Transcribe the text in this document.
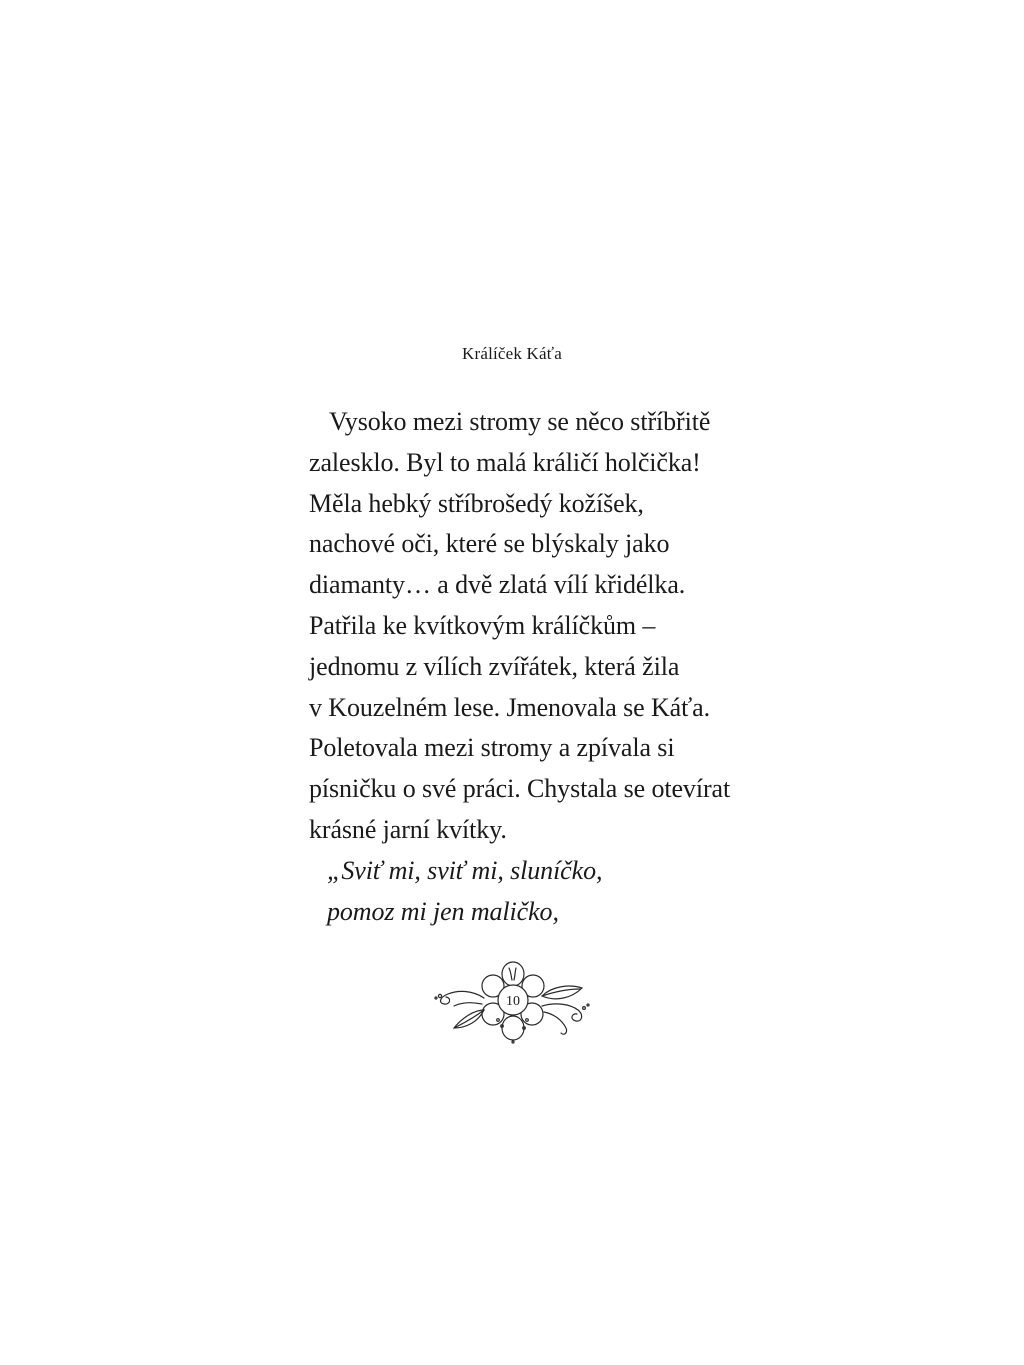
Králíček Káťa
Vysoko mezi stromy se něco stříbřitě
zalesklo. Byl to malá králičí holčička!
Měla hebký stříbrošedý kožíšek,
nachové oči, které se blýskaly jako
diamanty… a dvě zlatá vílí křidélka.
Patřila ke kvítkovým králíčkům –
jednomu z vílích zvířátek, která žila
v Kouzelném lese. Jmenovala se Káťa.
Poletovala mezi stromy a zpívala si
písničku o své práci. Chystala se otevírat
krásné jarní kvítky.
„Sviť mi, sviť mi, sluníčko,
pomoz mi jen maličko,
10
